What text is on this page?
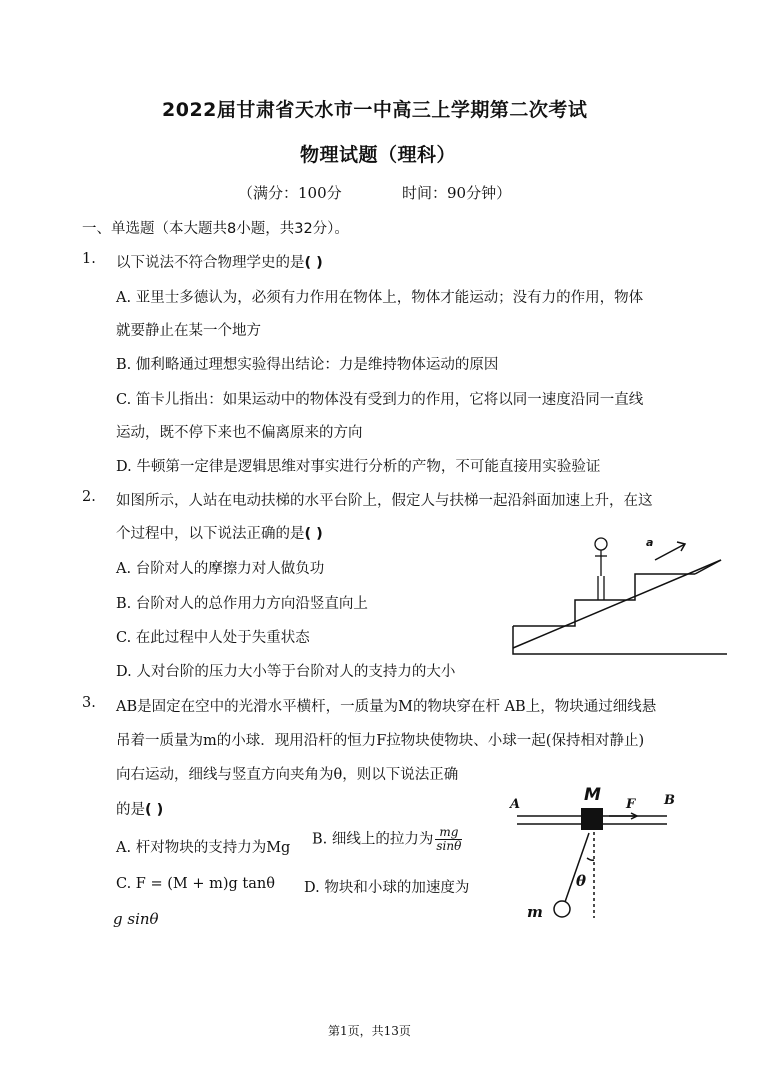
2022届甘肃省天水市一中高三上学期第二次考试
物理试题（理科）
（满分：100分	时间：90分钟）
一、单选题（本大题共8小题，共32分）。
1. 以下说法不符合物理学史的是( )
A. 亚里士多德认为，必须有力作用在物体上，物体才能运动；没有力的作用，物体
就要静止在某一个地方
B. 伽利略通过理想实验得出结论：力是维持物体运动的原因
C. 笛卡儿指出：如果运动中的物体没有受到力的作用，它将以同一速度沿同一直线
运动，既不停下来也不偏离原来的方向
D. 牛顿第一定律是逻辑思维对事实进行分析的产物，不可能直接用实验验证
2. 如图所示，人站在电动扶梯的水平台阶上，假定人与扶梯一起沿斜面加速上升，在这
个过程中，以下说法正确的是( )
A. 台阶对人的摩擦力对人做负功
B. 台阶对人的总作用力方向沿竖直向上
C. 在此过程中人处于失重状态
D. 人对台阶的压力大小等于台阶对人的支持力的大小
a
3. AB是固定在空中的光滑水平横杆，一质量为M的物块穿在杆 AB上，物块通过细线悬
吊着一质量为m的小球．现用沿杆的恒力F拉物块使物块、小球一起(保持相对静止)
向右运动，细线与竖直方向夹角为θ，则以下说法正确
的是( )
A. 杆对物块的支持力为Mg
B. 细线上的拉力为 $\frac{mg}{\sin\theta}$
C. F = (M + m)g tanθ D. 物块和小球的加速度为
g sinθ
A	B
M F
m
θ
第1页，共13页
